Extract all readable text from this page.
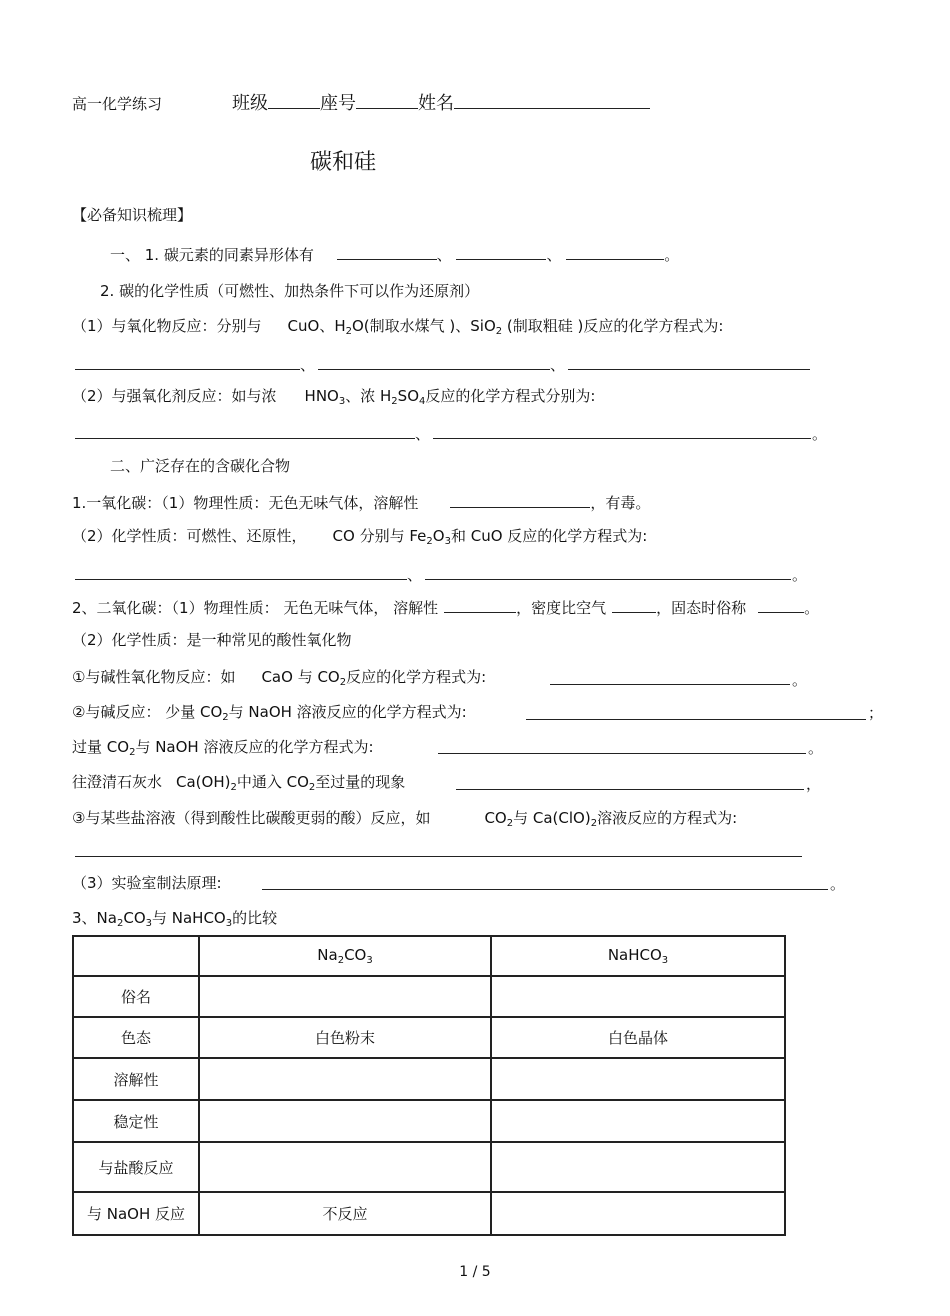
高一化学练习	班级	座号	姓名
碳和硅
【必备知识梳理】
一、 1. 碳元素的同素异形体有	、	、	。
2. 碳的化学性质（可燃性、加热条件下可以作为还原剂）
（1）与氧化物反应：分别与 CuO、$H_2O$(制取水煤气 )、SiO$_2$ (制取粗硅 )反应的化学方程式为:
、	、
（2）与强氧化剂反应：如与浓 $HNO_3$、浓 $H_2SO_4$反应的化学方程式分别为:
、	。
二、广泛存在的含碳化合物
1.一氧化碳：（1）物理性质：无色无味气体，溶解性	，有毒。
（2）化学性质：可燃性、还原性， CO 分别与 $Fe_2O_3$和 CuO 反应的化学方程式为:
、	。
2、二氧化碳：（1）物理性质： 无色无味气体， 溶解性	，密度比空气	，固态时俗称	。
（2）化学性质：是一种常见的酸性氧化物
①与碱性氧化物反应：如 CaO 与 $CO_2$反应的化学方程式为:	。
②与碱反应： 少量 $CO_2$与 NaOH 溶液反应的化学方程式为:	；
过量 $CO_2$与 NaOH 溶液反应的化学方程式为:	。
往澄清石灰水 $Ca(OH)_2$中通入 $CO_2$至过量的现象	，
③与某些盐溶液（得到酸性比碳酸更弱的酸）反应，如	$CO_2$与 $Ca(ClO)_2$溶液反应的方程式为:
（3）实验室制法原理:	。
3、$Na_2CO_3$与 NaHCO$_3$的比较
	$Na_2CO_3$	NaHCO$_3$
俗名		
色态	白色粉末	白色晶体
溶解性		
稳定性		
与盐酸反应		
与 NaOH 反应	不反应	
1 / 5
